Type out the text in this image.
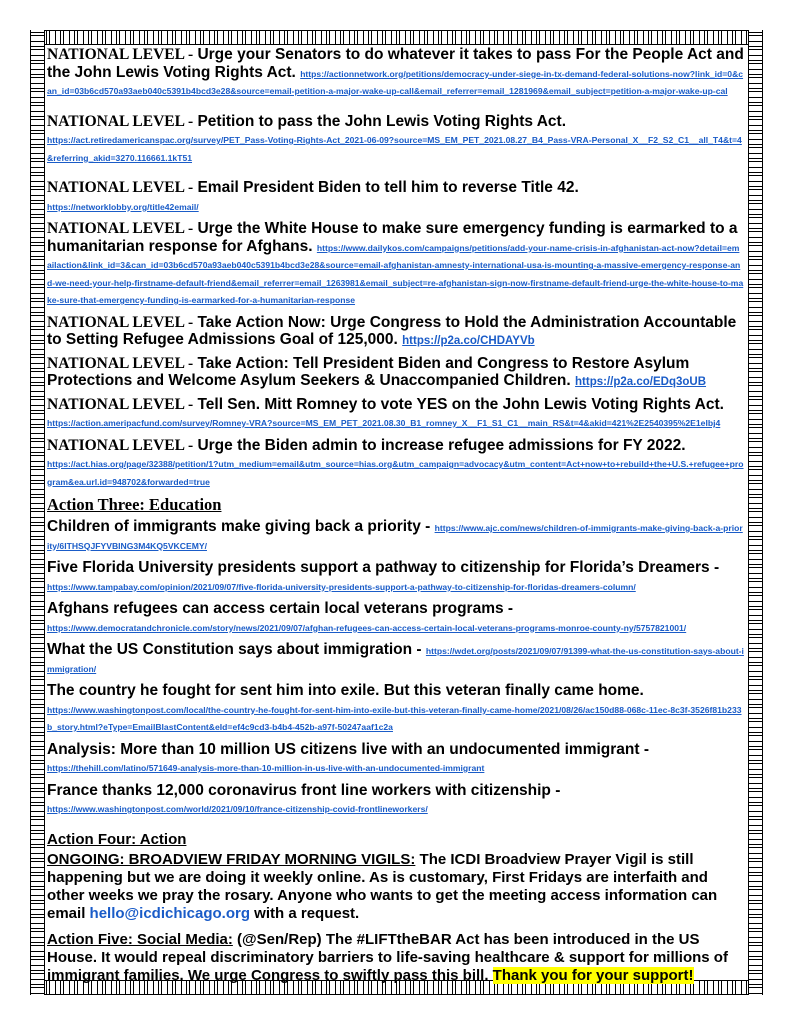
NATIONAL LEVEL - Urge your Senators to do whatever it takes to pass For the People Act and the John Lewis Voting Rights Act. https://actionnetwork.org/petitions/democracy-under-siege-in-tx-demand-federal-solutions-now?link_id=0&can_id=03b6cd570a93aeb040c5391b4bcd3e28&source=email-petition-a-major-wake-up-call&email_referrer=email_1281969&email_subject=petition-a-major-wake-up-cal
NATIONAL LEVEL - Petition to pass the John Lewis Voting Rights Act.
https://act.retiredamericanspac.org/survey/PET_Pass-Voting-Rights-Act_2021-06-09?source=MS_EM_PET_2021.08.27_B4_Pass-VRA-Personal_X__F2_S2_C1__all_T4&t=4&referring_akid=3270.116661.1kT51
NATIONAL LEVEL - Email President Biden to tell him to reverse Title 42.
https://networklobby.org/title42email/
NATIONAL LEVEL - Urge the White House to make sure emergency funding is earmarked to a humanitarian response for Afghans. https://www.dailykos.com/campaigns/petitions/add-your-name-crisis-in-afghanistan-act-now?detail=emailaction&link_id=3&can_id=03b6cd570a93aeb040c5391b4bcd3e28&source=email-afghanistan-amnesty-international-usa-is-mounting-a-massive-emergency-response-and-we-need-your-help-firstname-default-friend&email_referrer=email_1263981&email_subject=re-afghanistan-sign-now-firstname-default-friend-urge-the-white-house-to-make-sure-that-emergency-funding-is-earmarked-for-a-humanitarian-response
NATIONAL LEVEL - Take Action Now: Urge Congress to Hold the Administration Accountable to Setting Refugee Admissions Goal of 125,000. https://p2a.co/CHDAYVb
NATIONAL LEVEL - Take Action: Tell President Biden and Congress to Restore Asylum Protections and Welcome Asylum Seekers & Unaccompanied Children. https://p2a.co/EDq3oUB
NATIONAL LEVEL - Tell Sen. Mitt Romney to vote YES on the John Lewis Voting Rights Act.
https://action.ameripacfund.com/survey/Romney-VRA?source=MS_EM_PET_2021.08.30_B1_romney_X__F1_S1_C1__main_RS&t=4&akid=421%2E2540395%2E1elbj4
NATIONAL LEVEL - Urge the Biden admin to increase refugee admissions for FY 2022.
https://act.hias.org/page/32388/petition/1?utm_medium=email&utm_source=hias.org&utm_campaign=advocacy&utm_content=Act+now+to+rebuild+the+U.S.+refugee+program&ea.url.id=948702&forwarded=true
Action Three: Education
Children of immigrants make giving back a priority - https://www.ajc.com/news/children-of-immigrants-make-giving-back-a-priority/6ITHSQJFYVBING3M4KQ5VKCEMY/
Five Florida University presidents support a pathway to citizenship for Florida’s Dreamers -
https://www.tampabay.com/opinion/2021/09/07/five-florida-university-presidents-support-a-pathway-to-citizenship-for-floridas-dreamers-column/
Afghans refugees can access certain local veterans programs -
https://www.democratandchronicle.com/story/news/2021/09/07/afghan-refugees-can-access-certain-local-veterans-programs-monroe-county-ny/5757821001/
What the US Constitution says about immigration - https://wdet.org/posts/2021/09/07/91399-what-the-us-constitution-says-about-immigration/
The country he fought for sent him into exile. But this veteran finally came home.
https://www.washingtonpost.com/local/the-country-he-fought-for-sent-him-into-exile-but-this-veteran-finally-came-home/2021/08/26/ac150d88-068c-11ec-8c3f-3526f81b233b_story.html?eType=EmailBlastContent&eId=ef4c9cd3-b4b4-452b-a97f-50247aaf1c2a
Analysis: More than 10 million US citizens live with an undocumented immigrant -
https://thehill.com/latino/571649-analysis-more-than-10-million-in-us-live-with-an-undocumented-immigrant
France thanks 12,000 coronavirus front line workers with citizenship -
https://www.washingtonpost.com/world/2021/09/10/france-citizenship-covid-frontlineworkers/
Action Four: Action
ONGOING: BROADVIEW FRIDAY MORNING VIGILS: The ICDI Broadview Prayer Vigil is still happening but we are doing it weekly online. As is customary, First Fridays are interfaith and other weeks we pray the rosary. Anyone who wants to get the meeting access information can email hello@icdichicago.org with a request.
Action Five: Social Media: (@Sen/Rep) The #LIFTtheBAR Act has been introduced in the US House. It would repeal discriminatory barriers to life-saving healthcare & support for millions of immigrant families. We urge Congress to swiftly pass this bill. Thank you for your support!
